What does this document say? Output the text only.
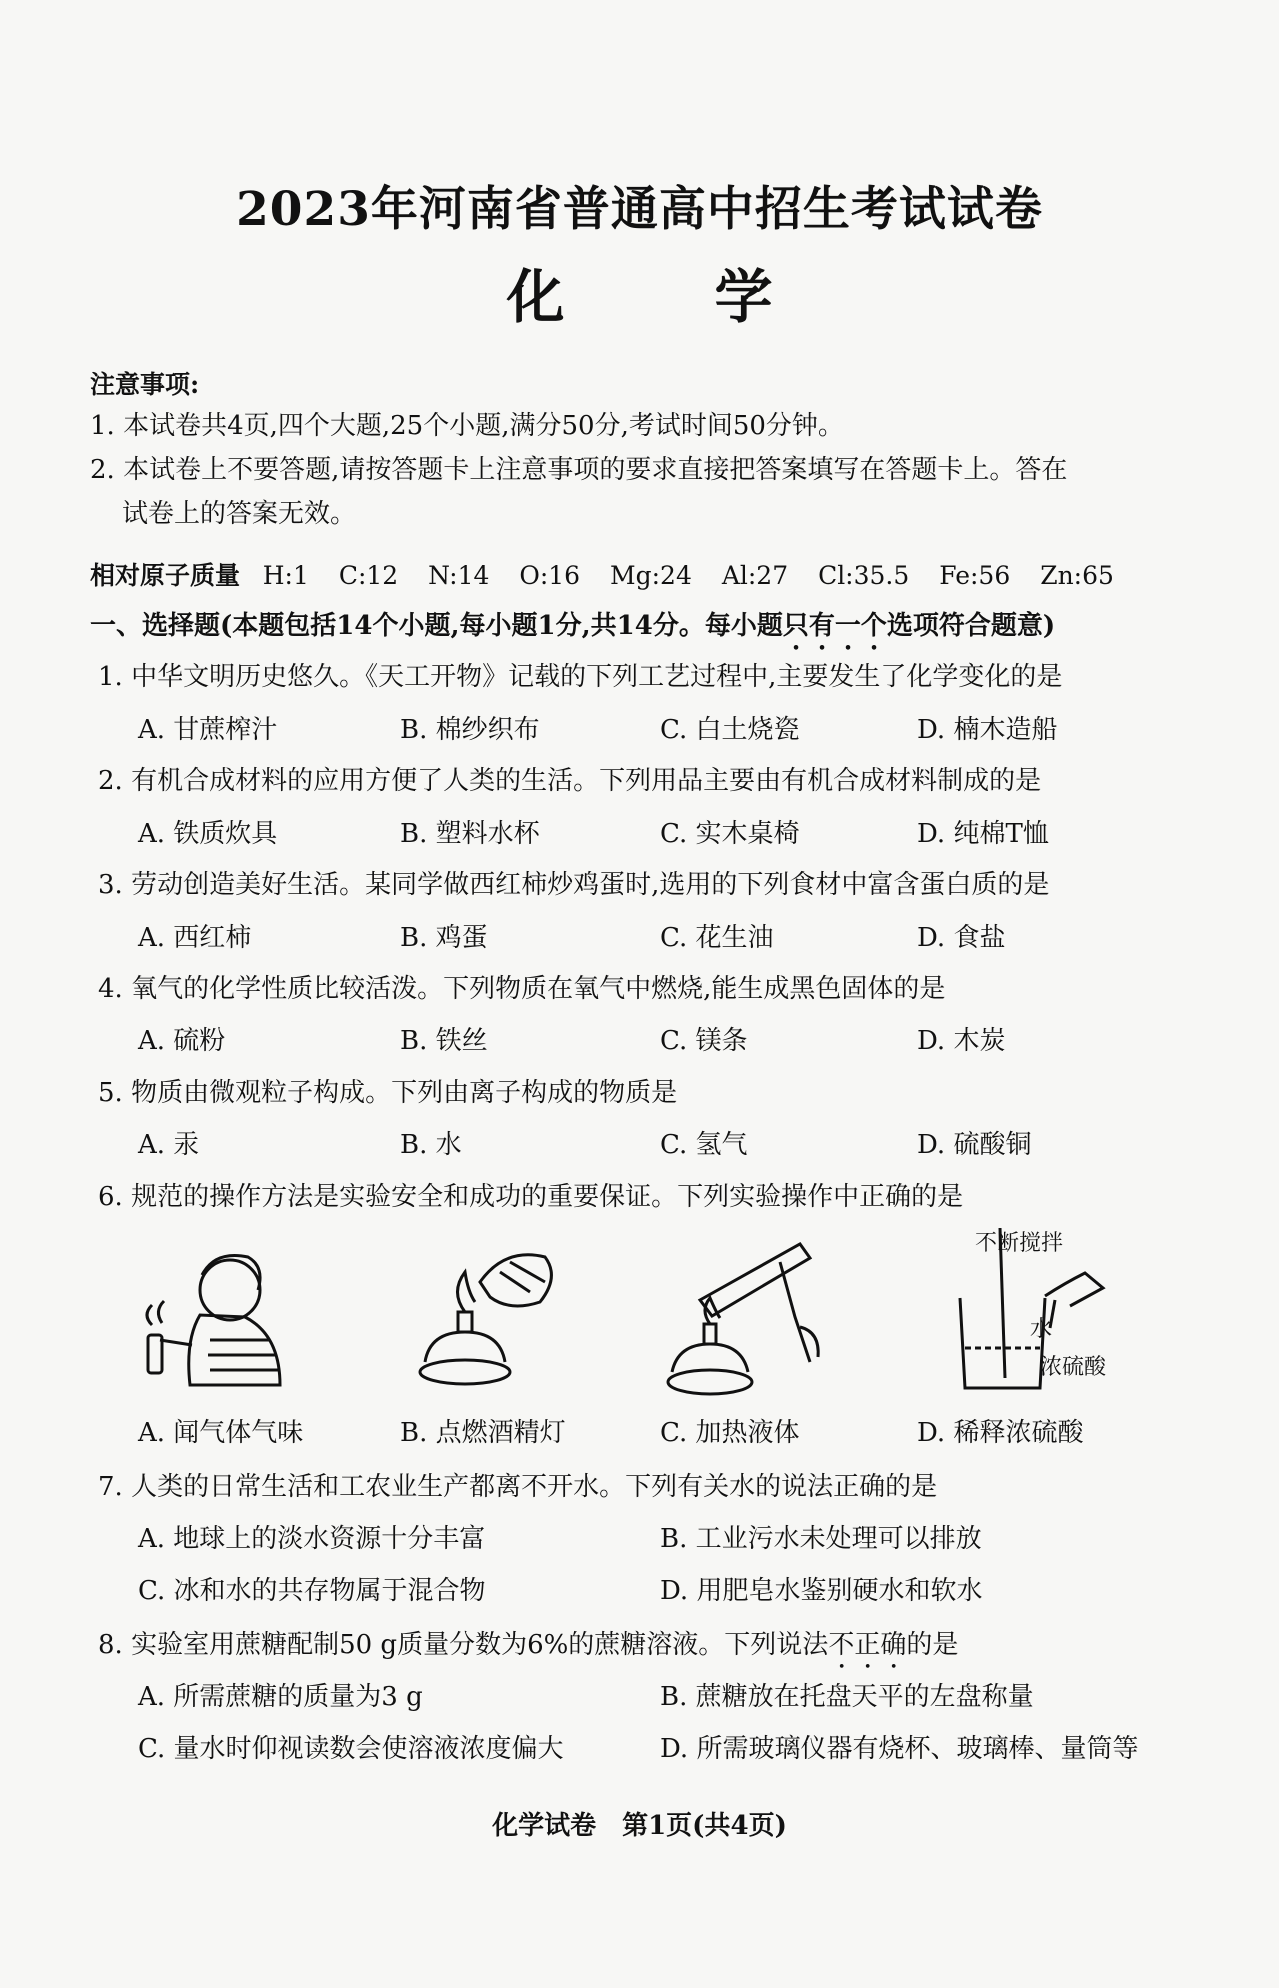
2023年河南省普通高中招生考试试卷
化	学
注意事项:
1. 本试卷共4页,四个大题,25个小题,满分50分,考试时间50分钟。
2. 本试卷上不要答题,请按答题卡上注意事项的要求直接把答案填写在答题卡上。答在
试卷上的答案无效。
相对原子质量 H:1 C:12 N:14 O:16 Mg:24 Al:27 Cl:35.5 Fe:56 Zn:65
一、选择题(本题包括14个小题,每小题1分,共14分。每小题只有一个选项符合题意)
1. 中华文明历史悠久。《天工开物》记载的下列工艺过程中,主要发生了化学变化的是
A. 甘蔗榨汁	B. 棉纱织布	C. 白土烧瓷	D. 楠木造船
2. 有机合成材料的应用方便了人类的生活。下列用品主要由有机合成材料制成的是
A. 铁质炊具	B. 塑料水杯	C. 实木桌椅	D. 纯棉T恤
3. 劳动创造美好生活。某同学做西红柿炒鸡蛋时,选用的下列食材中富含蛋白质的是
A. 西红柿	B. 鸡蛋	C. 花生油	D. 食盐
4. 氧气的化学性质比较活泼。下列物质在氧气中燃烧,能生成黑色固体的是
A. 硫粉	B. 铁丝	C. 镁条	D. 木炭
5. 物质由微观粒子构成。下列由离子构成的物质是
A. 汞	B. 水	C. 氢气	D. 硫酸铜
6. 规范的操作方法是实验安全和成功的重要保证。下列实验操作中正确的是
A. 闻气体气味	B. 点燃酒精灯	C. 加热液体
不断搅拌
水
浓硫酸
D. 稀释浓硫酸
7. 人类的日常生活和工农业生产都离不开水。下列有关水的说法正确的是
A. 地球上的淡水资源十分丰富	B. 工业污水未处理可以排放
C. 冰和水的共存物属于混合物	D. 用肥皂水鉴别硬水和软水
8. 实验室用蔗糖配制50 g质量分数为6%的蔗糖溶液。下列说法不正确的是
A. 所需蔗糖的质量为3 g	B. 蔗糖放在托盘天平的左盘称量
C. 量水时仰视读数会使溶液浓度偏大	D. 所需玻璃仪器有烧杯、玻璃棒、量筒等
化学试卷　第1页(共4页)
